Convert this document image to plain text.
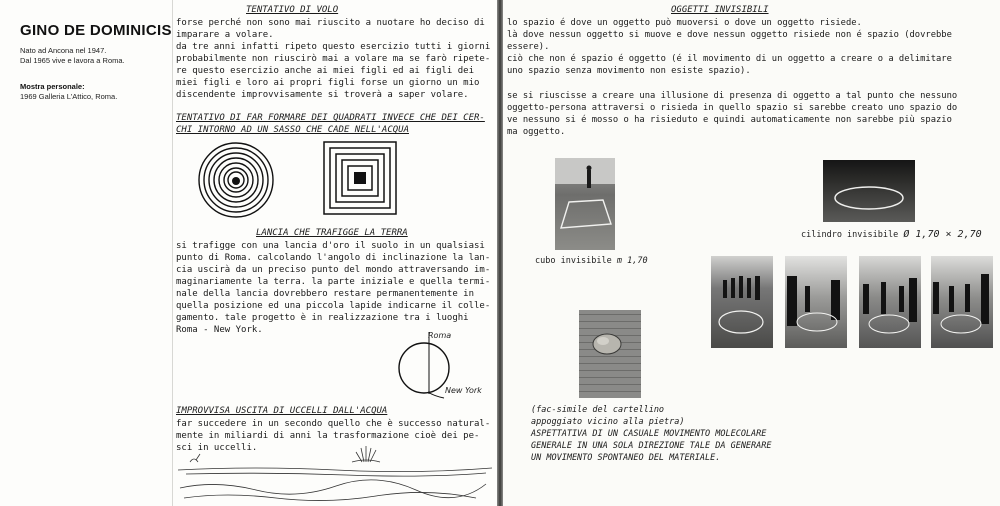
GINO DE DOMINICIS
Nato ad Ancona nel 1947.
Dal 1965 vive e lavora a Roma.
Mostra personale:
1969 Galleria L'Attico, Roma.
TENTATIVO DI VOLO
forse perché non sono mai riuscito a nuotare ho deciso di
imparare a volare.
da tre anni infatti ripeto questo esercizio tutti i giorni
probabilmente non riuscirò mai a volare ma se farò ripete-
re questo esercizio anche ai miei figli ed ai figli dei
miei figli e loro ai propri figli forse un giorno un mio
discendente improvvisamente si troverà a saper volare.
TENTATIVO DI FAR FORMARE DEI QUADRATI INVECE CHE DEI CER-
CHI INTORNO AD UN SASSO CHE CADE NELL'ACQUA
LANCIA CHE TRAFIGGE LA TERRA
si trafigge con una lancia d'oro il suolo in un qualsiasi
punto di Roma. calcolando l'angolo di inclinazione la lan-
cia uscirà da un preciso punto del mondo attraversando im-
maginariamente la terra. la parte iniziale e quella termi-
nale della lancia dovrebbero restare permanentemente in
quella posizione ed una piccola lapide indicarne il colle-
gamento. tale progetto è in realizzazione tra i luoghi
Roma - New York.
Roma
New York
IMPROVVISA USCITA DI UCCELLI DALL'ACQUA
far succedere in un secondo quello che è successo natural-
mente in miliardi di anni la trasformazione cioè dei pe-
sci in uccelli.
OGGETTI INVISIBILI
lo spazio é dove un oggetto può muoversi o dove un oggetto risiede.
là dove nessun oggetto si muove e dove nessun oggetto risiede non é spazio (dovrebbe
essere).
ciò che non é spazio é oggetto (é il movimento di un oggetto a creare o a delimitare
uno spazio senza movimento non esiste spazio).
se si riuscisse a creare una illusione di presenza di oggetto a tal punto che nessuno
oggetto-persona attraversi o risieda in quello spazio si sarebbe creato uno spazio do
ve nessuno si é mosso o ha risieduto e quindi automaticamente non sarebbe più spazio
ma oggetto.
cubo invisibile m 1,70
cilindro invisibile Ø 1,70 × 2,70
(fac-simile del cartellino
appoggiato vicino alla pietra)
ASPETTATIVA DI UN CASUALE MOVIMENTO MOLECOLARE
GENERALE IN UNA SOLA DIREZIONE TALE DA GENERARE
UN MOVIMENTO SPONTANEO DEL MATERIALE.
